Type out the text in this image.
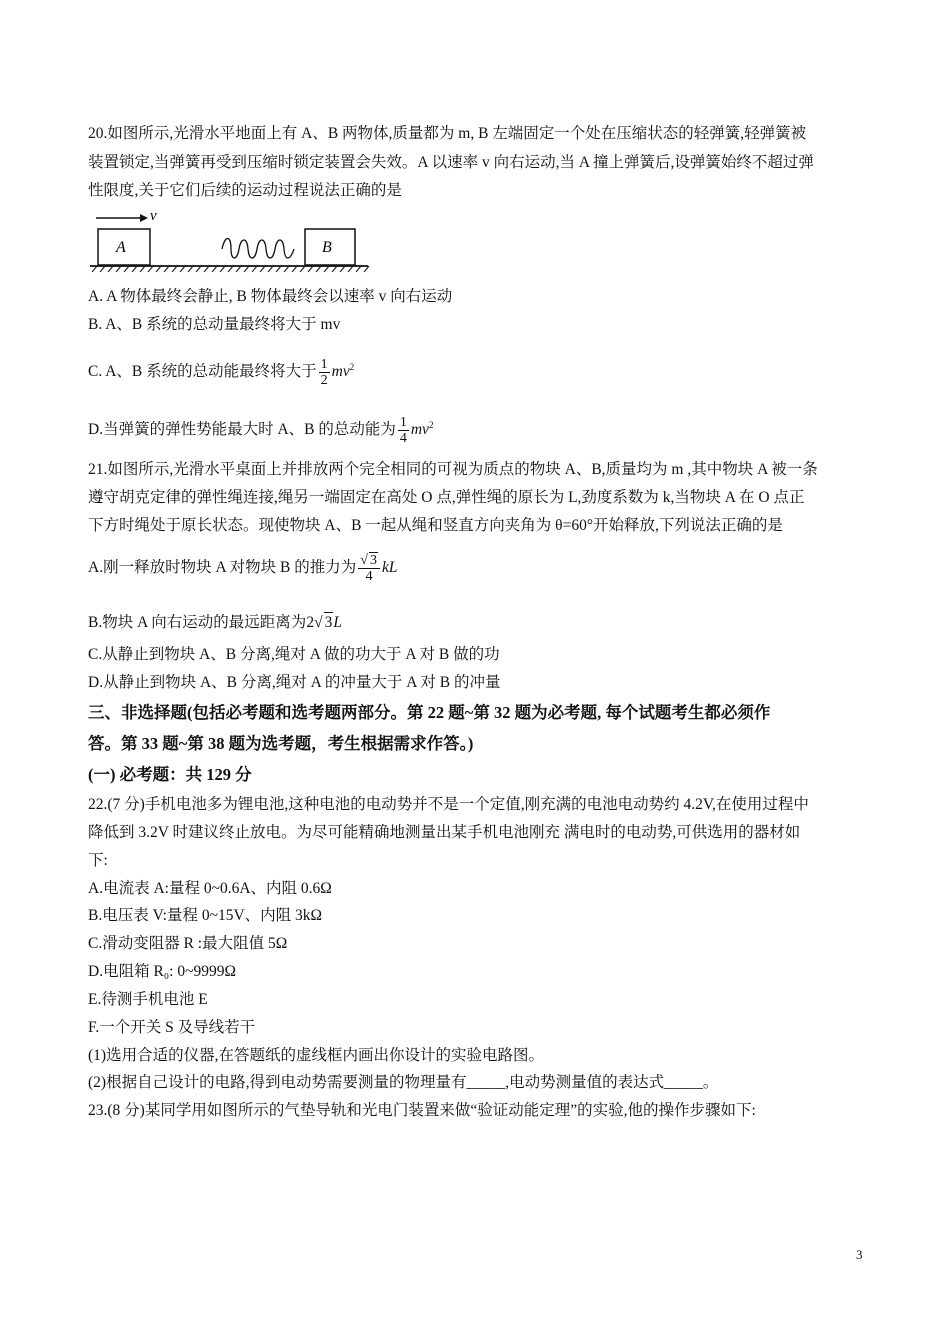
20.如图所示,光滑水平地面上有 A、B 两物体,质量都为 m, B 左端固定一个处在压缩状态的轻弹簧,轻弹簧被
装置锁定,当弹簧再受到压缩时锁定装置会失效。A 以速率 v 向右运动,当 A 撞上弹簧后,设弹簧始终不超过弹
性限度,关于它们后续的运动过程说法正确的是
v
A	B
A. A 物体最终会静止, B 物体最终会以速率 v 向右运动
B. A、B 系统的总动量最终将大于 mv
C. A、B 系统的总动能最终将大于 $\frac{1}{2} mv^2$
D.当弹簧的弹性势能最大时 A、B 的总动能为 $\frac{1}{4} mv^2$
21.如图所示,光滑水平桌面上并排放两个完全相同的可视为质点的物块 A、B,质量均为 m ,其中物块 A 被一条
遵守胡克定律的弹性绳连接,绳另一端固定在高处 O 点,弹性绳的原长为 L,劲度系数为 k,当物块 A 在 O 点正
下方时绳处于原长状态。现使物块 A、B 一起从绳和竖直方向夹角为 θ=60°开始释放,下列说法正确的是
A.刚一释放时物块 A 对物块 B 的推力为 $\frac{√ 3}{4}$ kL
B.物块 A 向右运动的最远距离为2√ 3L
C.从静止到物块 A、B 分离,绳对 A 做的功大于 A 对 B 做的功
D.从静止到物块 A、B 分离,绳对 A 的冲量大于 A 对 B 的冲量
三、非选择题(包括必考题和选考题两部分。第 22 题~第 32 题为必考题, 每个试题考生都必须作
答。第 33 题~第 38 题为选考题，考生根据需求作答。)
(一) 必考题：共 129 分
22.(7 分)手机电池多为锂电池,这种电池的电动势并不是一个定值,刚充满的电池电动势约 4.2V,在使用过程中
降低到 3.2V 时建议终止放电。为尽可能精确地测量出某手机电池刚充 满电时的电动势,可供选用的器材如
下:
A.电流表 A:量程 0~0.6A、内阻 0.6Ω
B.电压表 V:量程 0~15V、内阻 3kΩ
C.滑动变阻器 R :最大阻值 5Ω
D.电阻箱 R₀: 0~9999Ω
E.待测手机电池 E
F.一个开关 S 及导线若干
(1)选用合适的仪器,在答题纸的虚线框内画出你设计的实验电路图。
(2)根据自己设计的电路,得到电动势需要测量的物理量有_____,电动势测量值的表达式_____。
23.(8 分)某同学用如图所示的气垫导轨和光电门装置来做“验证动能定理”的实验,他的操作步骤如下:
3
